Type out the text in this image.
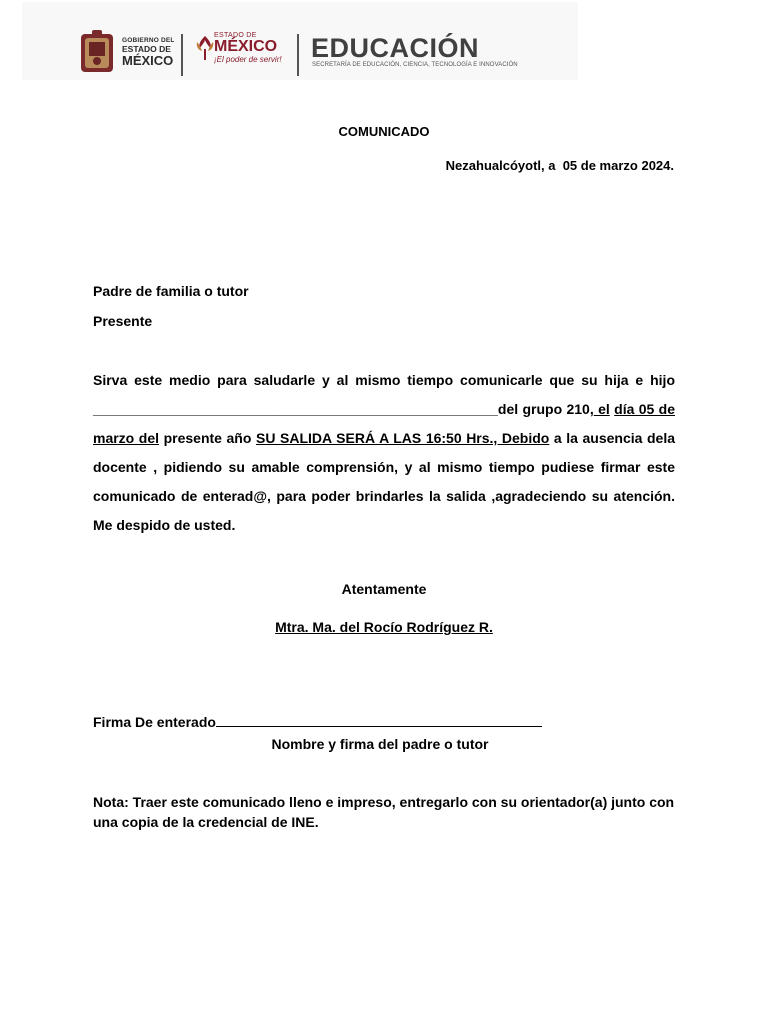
GOBIERNO DEL
ESTADO DE
MÉXICO
ESTADO DE
MÉXICO
¡El poder de servir! EDUCACIÓN
SECRETARÍA DE EDUCACIÓN, CIENCIA, TECNOLOGÍA E INNOVACIÓN
COMUNICADO
Nezahualcóyotl, a  05 de marzo 2024.
Padre de familia o tutor
Presente
Sirva este medio para saludarle y al mismo tiempo comunicarle que su hija e hijo ____________________________________________________del grupo 210, el día 05 de marzo del presente año SU SALIDA SERÁ A LAS 16:50 Hrs., Debido a la ausencia dela docente , pidiendo su amable comprensión, y al mismo tiempo pudiese firmar este comunicado de enterad@, para poder brindarles la salida ,agradeciendo su atención. Me despido de usted.
Atentamente
Mtra. Ma. del Rocío Rodríguez R.
Firma De enterado
Nombre y firma del padre o tutor
Nota: Traer este comunicado lleno e impreso, entregarlo con su orientador(a) junto con una copia de la credencial de INE.
